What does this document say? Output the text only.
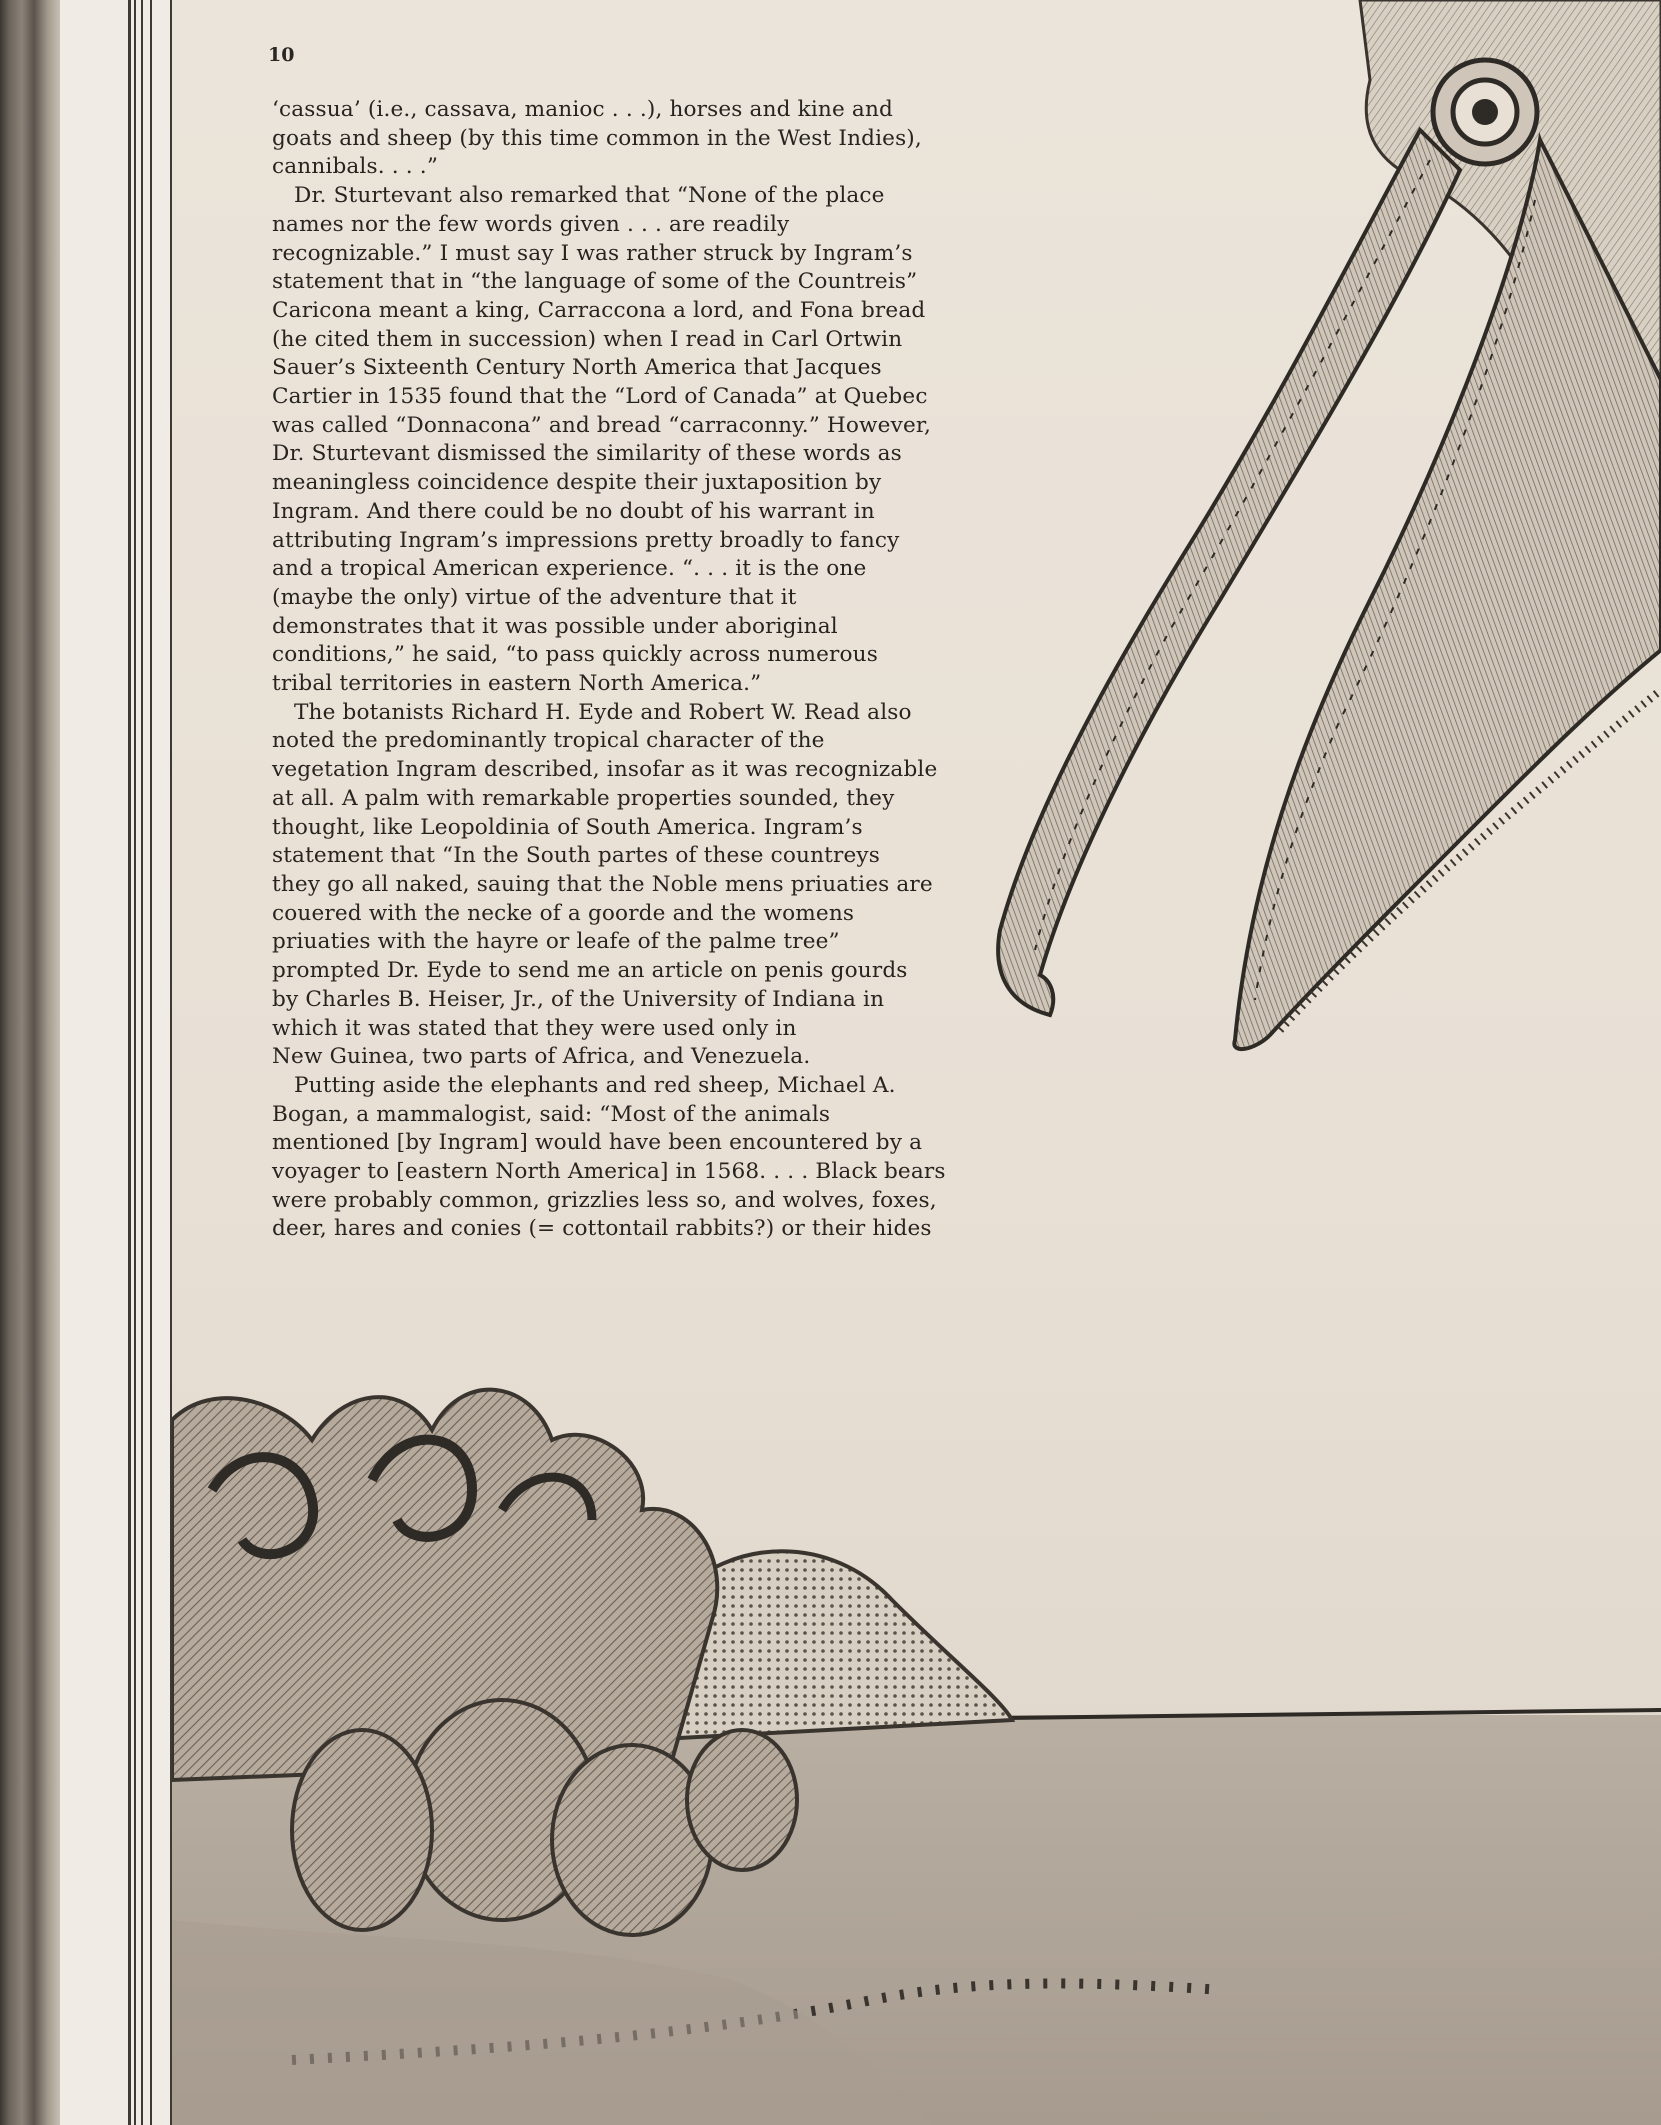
10
‘cassua’ (i.e., cassava, manioc . . .), horses and kine and
goats and sheep (by this time common in the West Indies),
cannibals. . . .”
Dr. Sturtevant also remarked that “None of the place
names nor the few words given . . . are readily
recognizable.” I must say I was rather struck by Ingram’s
statement that in “the language of some of the Countreis”
Caricona meant a king, Carraccona a lord, and Fona bread
(he cited them in succession) when I read in Carl Ortwin
Sauer’s Sixteenth Century North America that Jacques
Cartier in 1535 found that the “Lord of Canada” at Quebec
was called “Donnacona” and bread “carraconny.” However,
Dr. Sturtevant dismissed the similarity of these words as
meaningless coincidence despite their juxtaposition by
Ingram. And there could be no doubt of his warrant in
attributing Ingram’s impressions pretty broadly to fancy
and a tropical American experience. “. . . it is the one
(maybe the only) virtue of the adventure that it
demonstrates that it was possible under aboriginal
conditions,” he said, “to pass quickly across numerous
tribal territories in eastern North America.”
The botanists Richard H. Eyde and Robert W. Read also
noted the predominantly tropical character of the
vegetation Ingram described, insofar as it was recognizable
at all. A palm with remarkable properties sounded, they
thought, like Leopoldinia of South America. Ingram’s
statement that “In the South partes of these countreys
they go all naked, sauing that the Noble mens priuaties are
couered with the necke of a goorde and the womens
priuaties with the hayre or leafe of the palme tree”
prompted Dr. Eyde to send me an article on penis gourds
by Charles B. Heiser, Jr., of the University of Indiana in
which it was stated that they were used only in
New Guinea, two parts of Africa, and Venezuela.
Putting aside the elephants and red sheep, Michael A.
Bogan, a mammalogist, said: “Most of the animals
mentioned [by Ingram] would have been encountered by a
voyager to [eastern North America] in 1568. . . . Black bears
were probably common, grizzlies less so, and wolves, foxes,
deer, hares and conies (= cottontail rabbits?) or their hides
